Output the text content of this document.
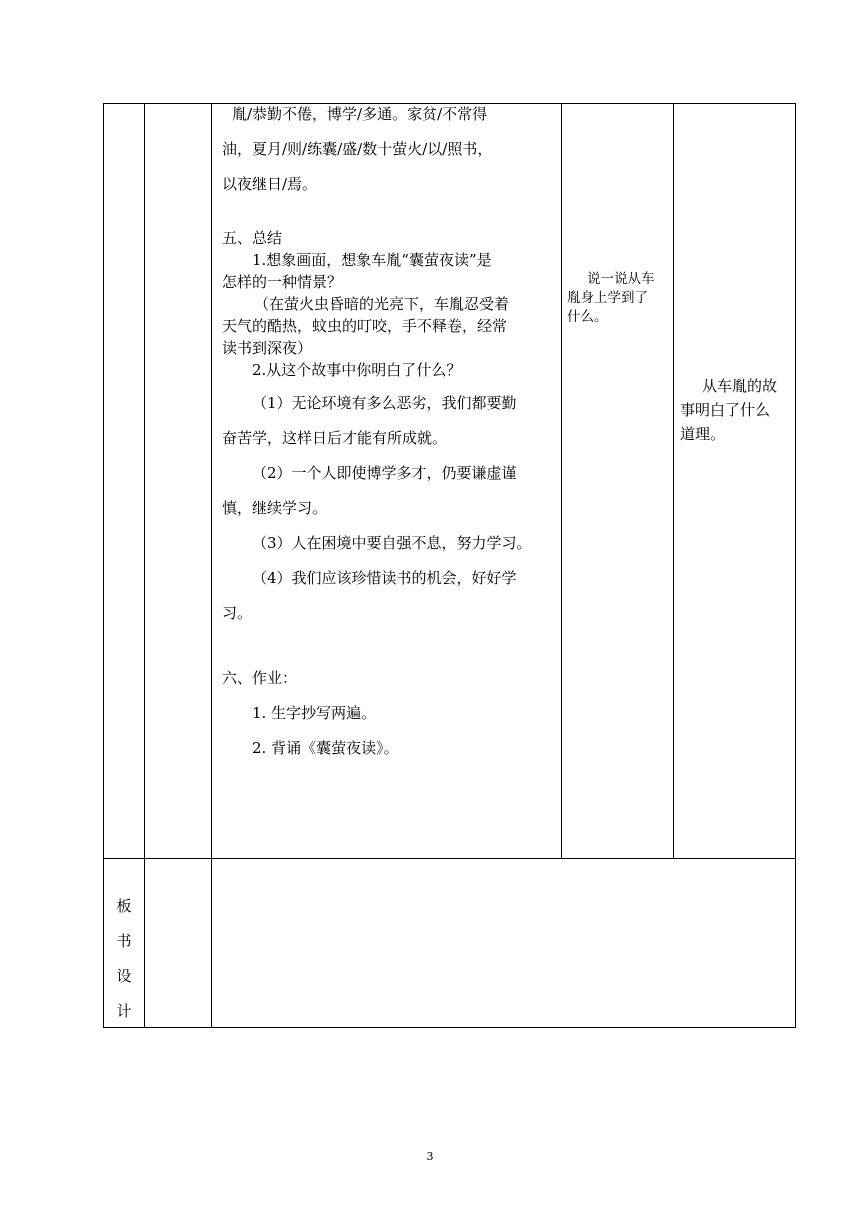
胤/恭勤不倦，博学/多通。家贫/不常得

油，夏月/则/练囊/盛/数十萤火/以/照书，

以夜继日/焉。

五、总结

1.想象画面，想象车胤“囊萤夜读”是

怎样的一种情景？

（在萤火虫昏暗的光亮下，车胤忍受着

天气的酷热，蚊虫的叮咬，手不释卷，经常

读书到深夜）

2.从这个故事中你明白了什么？

（1）无论环境有多么恶劣，我们都要勤

奋苦学，这样日后才能有所成就。

（2）一个人即使博学多才，仍要谦虚谨

慎，继续学习。

（3）人在困境中要自强不息，努力学习。

（4）我们应该珍惜读书的机会，好好学

习。

六、作业：

1. 生字抄写两遍。

2. 背诵《囊萤夜读》。

说一说从车

胤身上学到了

什么。

从车胤的故

事明白了什么

道理。

板
书
设
计
3
